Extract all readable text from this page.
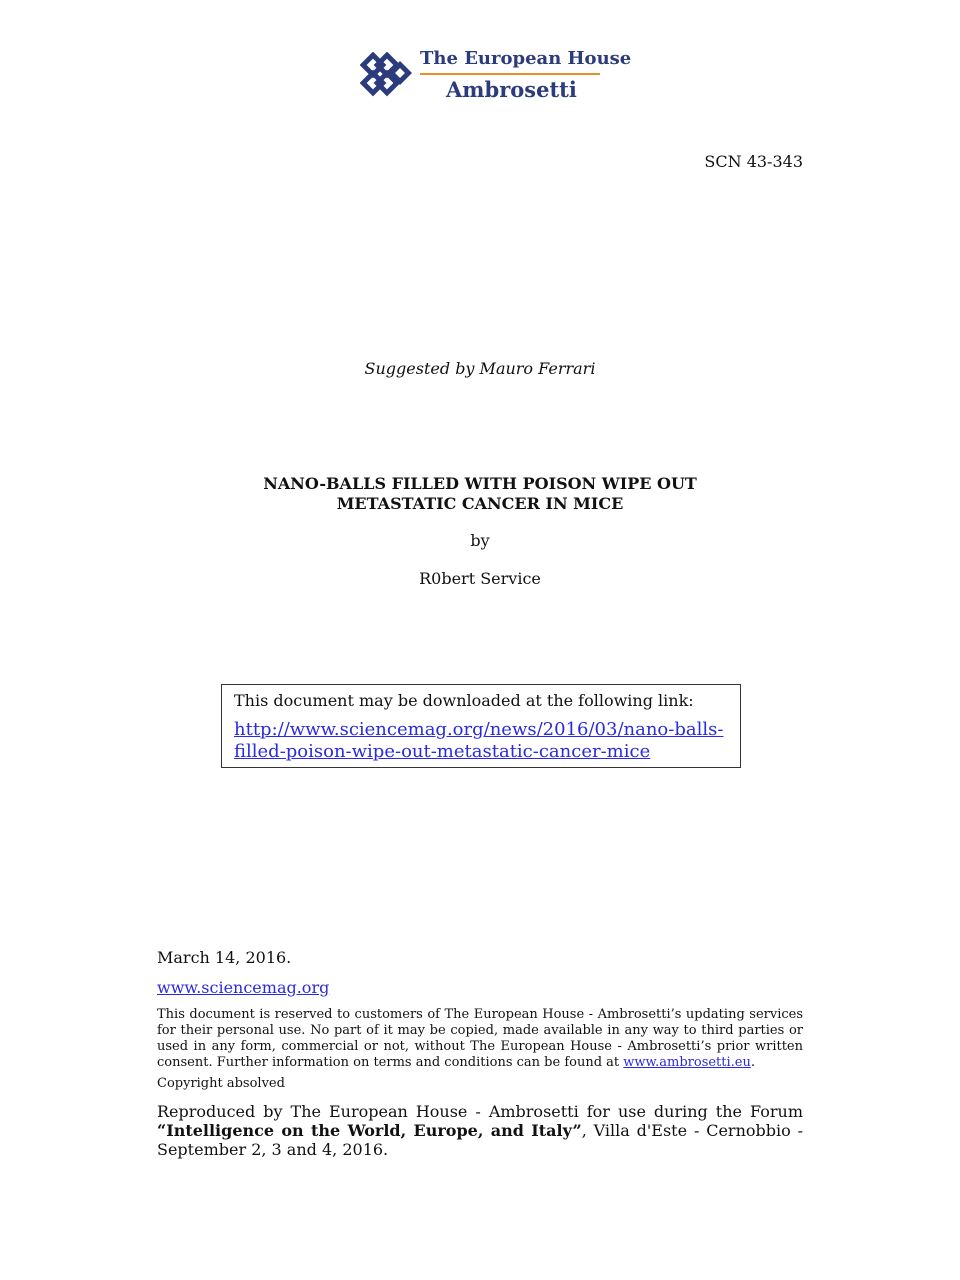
The European House
Ambrosetti
SCN 43-343
Suggested by Mauro Ferrari
NANO-BALLS FILLED WITH POISON WIPE OUT
METASTATIC CANCER IN MICE
by
R0bert Service
This document may be downloaded at the following link:
http://www.sciencemag.org/news/2016/03/nano-balls-
filled-poison-wipe-out-metastatic-cancer-mice
March 14, 2016.
www.sciencemag.org
This document is reserved to customers of The European House - Ambrosetti’s updating services for their personal use. No part of it may be copied, made available in any way to third parties or used in any form, commercial or not, without The European House - Ambrosetti’s prior written consent. Further information on terms and conditions can be found at www.ambrosetti.eu.
Copyright absolved
Reproduced by The European House - Ambrosetti for use during the Forum “Intelligence on the World, Europe, and Italy”, Villa d'Este - Cernobbio - September 2, 3 and 4, 2016.
